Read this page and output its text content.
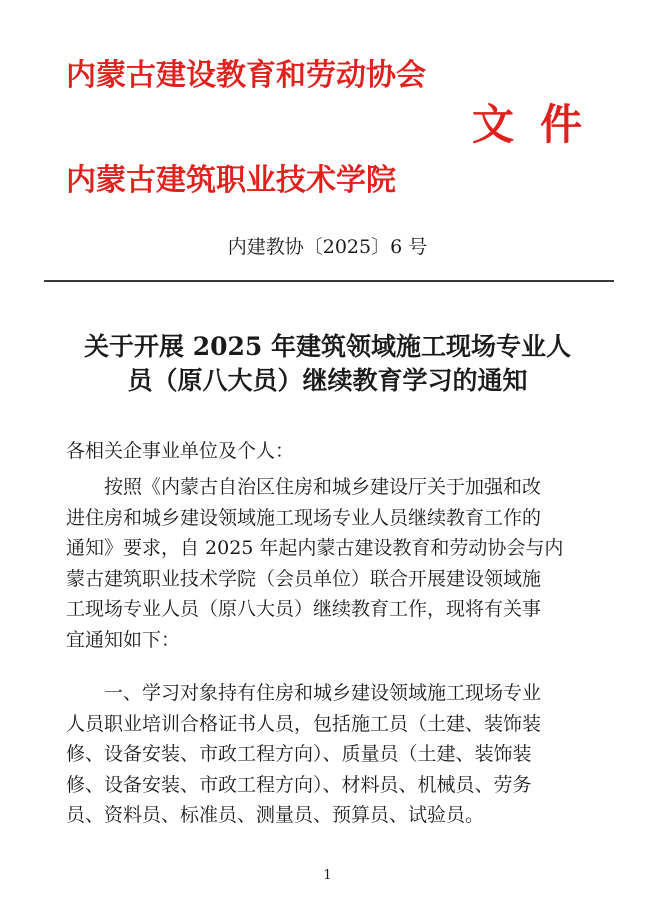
内蒙古建设教育和劳动协会
文件
内蒙古建筑职业技术学院
内建教协〔2025〕6 号
关于开展 2025 年建筑领域施工现场专业人
员（原八大员）继续教育学习的通知
各相关企事业单位及个人：
　　按照《内蒙古自治区住房和城乡建设厅关于加强和改
进住房和城乡建设领域施工现场专业人员继续教育工作的
通知》要求，自 2025 年起内蒙古建设教育和劳动协会与内
蒙古建筑职业技术学院（会员单位）联合开展建设领域施
工现场专业人员（原八大员）继续教育工作，现将有关事
宜通知如下：
　　一、学习对象持有住房和城乡建设领域施工现场专业
人员职业培训合格证书人员，包括施工员（土建、装饰装
修、设备安装、市政工程方向）、质量员（土建、装饰装
修、设备安装、市政工程方向）、材料员、机械员、劳务
员、资料员、标准员、测量员、预算员、试验员。
1
